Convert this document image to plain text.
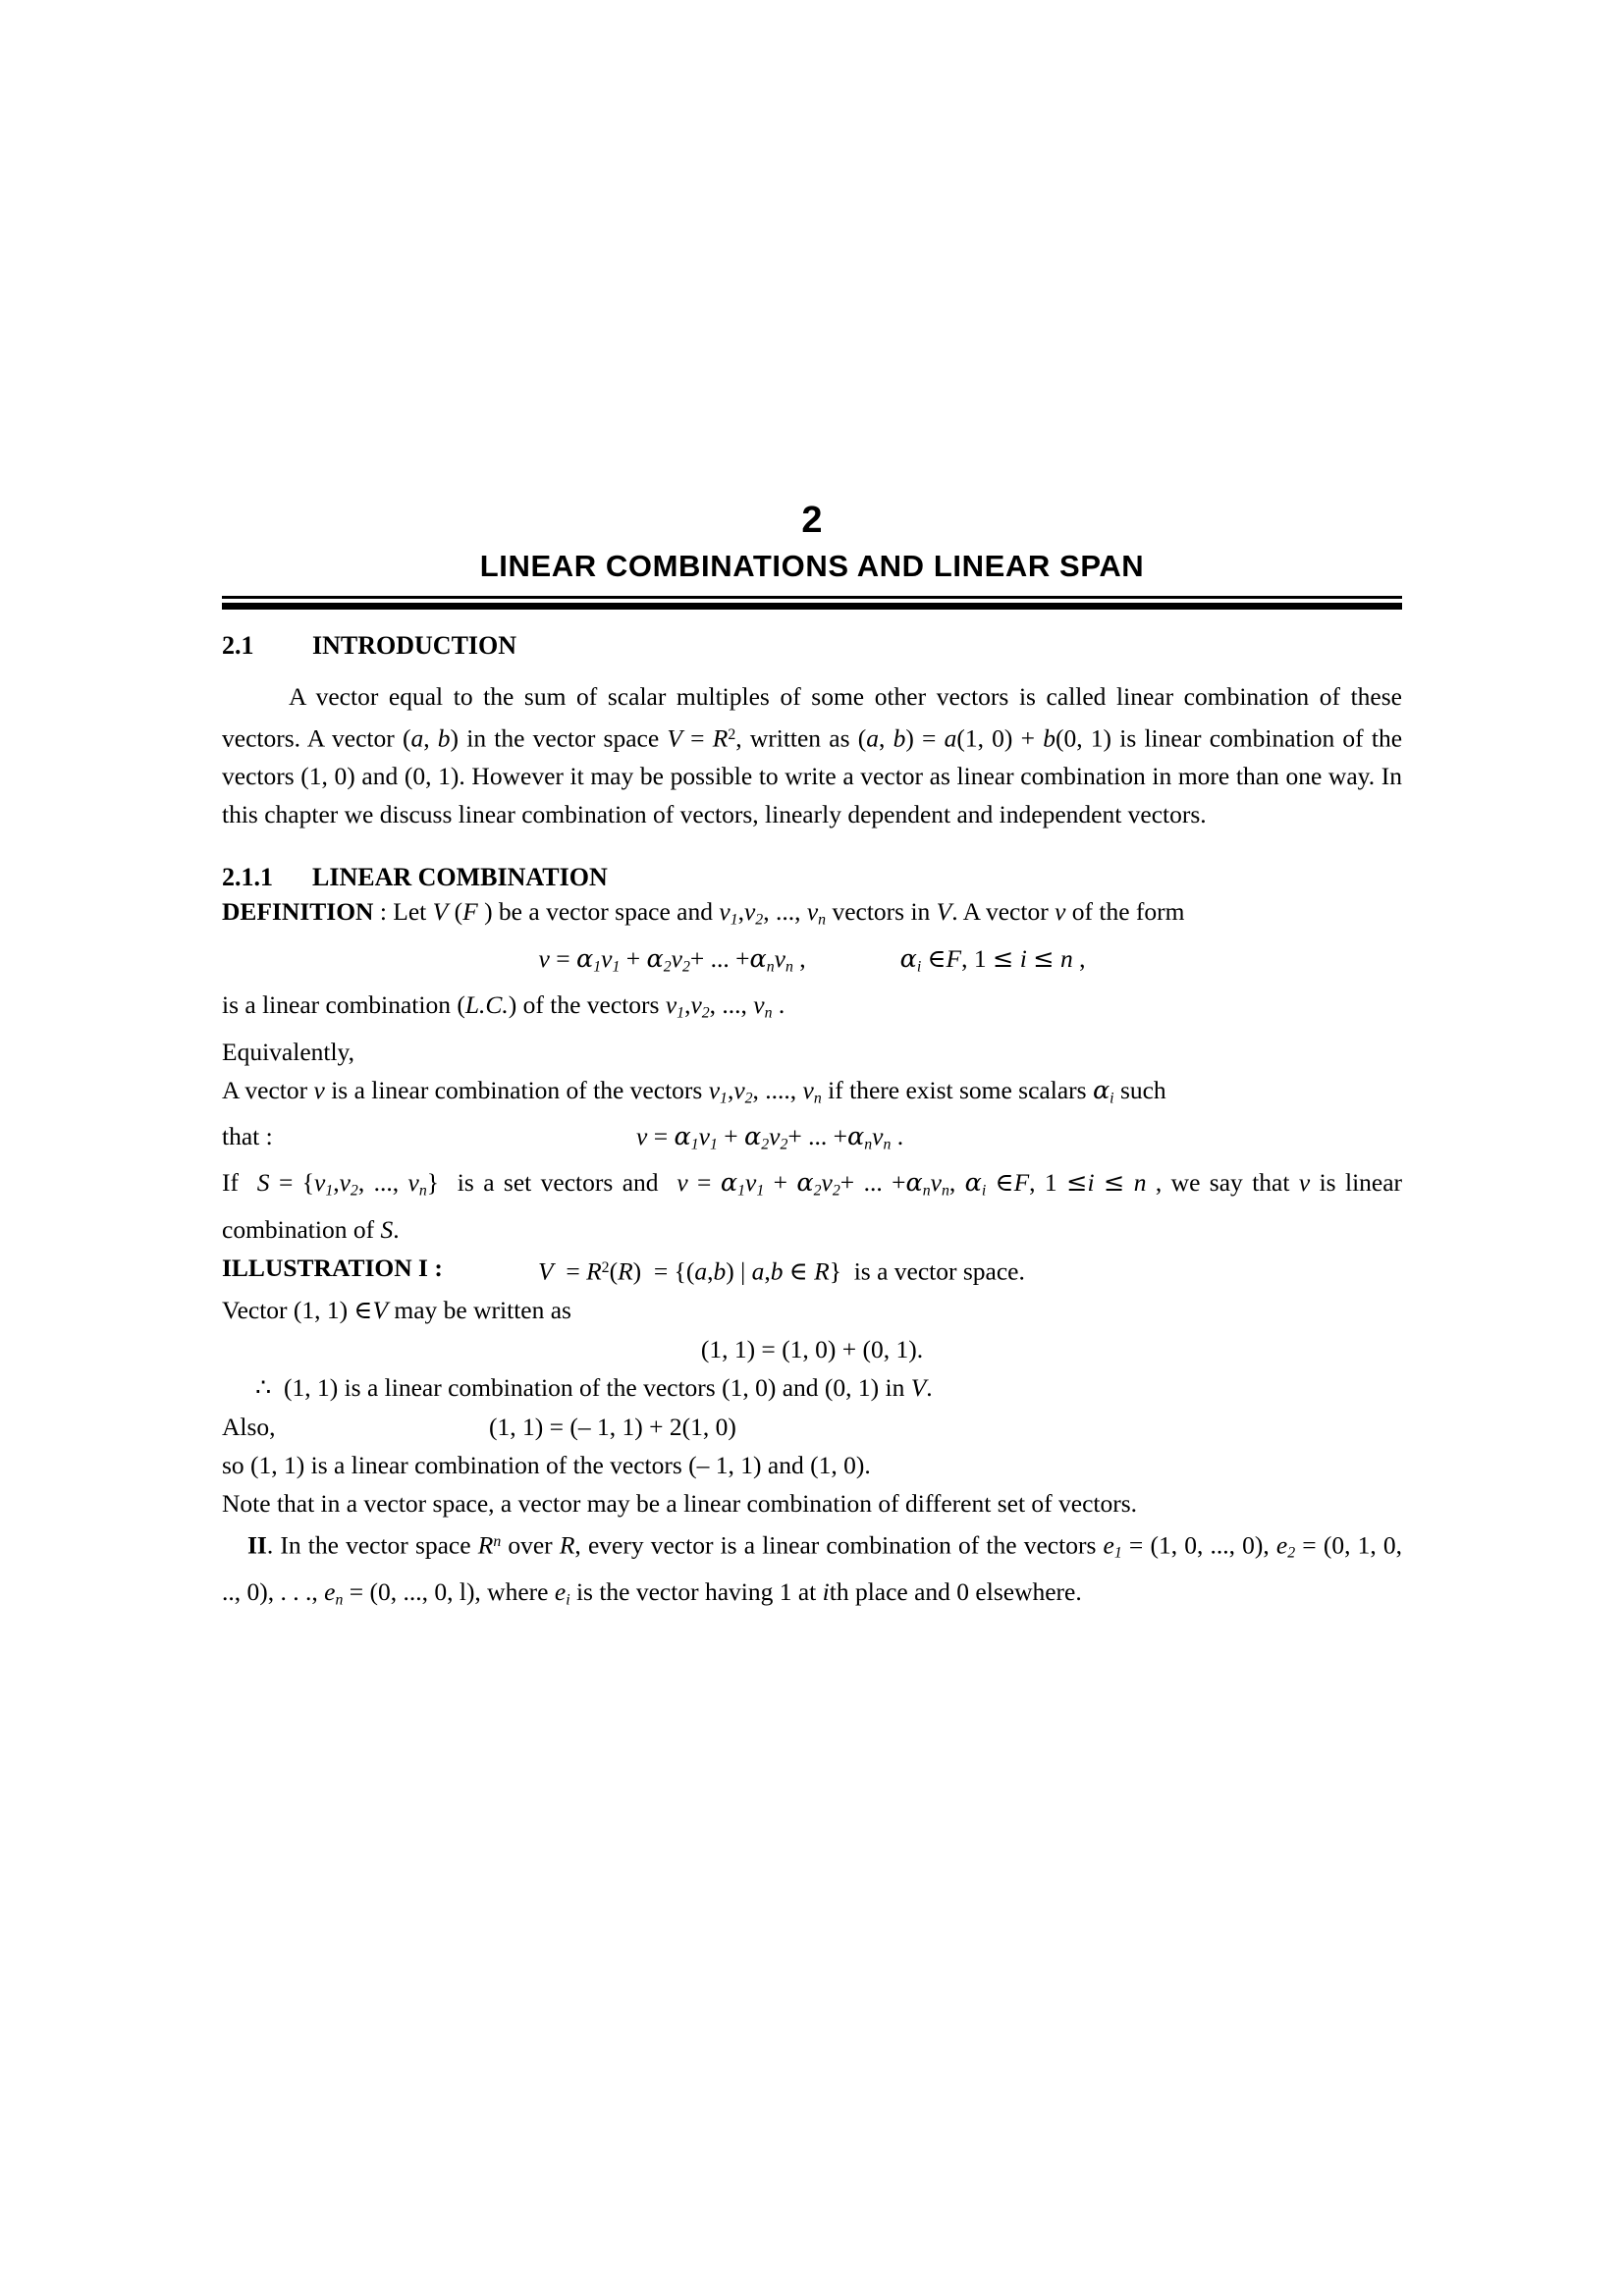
2
LINEAR COMBINATIONS AND LINEAR SPAN
2.1	INTRODUCTION

A vector equal to the sum of scalar multiples of some other vectors is called linear combination of these vectors. A vector (a, b) in the vector space $V = R^2$, written as (a, b) = a(1, 0) + b(0, 1) is linear combination of the vectors (1, 0) and (0, 1). However it may be possible to write a vector as linear combination in more than one way. In this chapter we discuss linear combination of vectors, linearly dependent and independent vectors.

2.1.1	LINEAR COMBINATION

DEFINITION : Let V (F ) be a vector space and $v_1,v_2$, ..., $v_n$ vectors in V. A vector v of the form

$v = \alpha_1v_1 + \alpha_2v_2+$ ... $+\alpha_nv_n$ ,	$\alpha_i$ ∈F, 1 ≤ i ≤ n ,

is a linear combination (L.C.) of the vectors $v_1,v_2$, ..., $v_n$ .

Equivalently,

A vector v is a linear combination of the vectors $v_1,v_2$, ...., $v_n$ if there exist some scalars $\alpha_i$ such

that :	$v = \alpha_1v_1 + \alpha_2v_2+$ ... $+\alpha_nv_n$ .

If  $S = \{v_1,v_2$, ..., $v_n$}  is a set vectors and  $v = \alpha_1v_1 + \alpha_2v_2+$ ... $+\alpha_nv_n$, $\alpha_i$ ∈F, 1 ≤i ≤ n , we say that v is linear combination of S.

ILLUSTRATION I :	$V = R^2(R) = \{(a,b)$ | a,b ∈ R}  is a vector space.

Vector (1, 1) ∈V may be written as

(1, 1) = (1, 0) + (0, 1).

∴  (1, 1) is a linear combination of the vectors (1, 0) and (0, 1) in V.

Also,	(1, 1) = (– 1, 1) + 2(1, 0)

so (1, 1) is a linear combination of the vectors (– 1, 1) and (1, 0).

Note that in a vector space, a vector may be a linear combination of different set of vectors.

II. In the vector space $R^n$ over R, every vector is a linear combination of the vectors $e_1 = (1$, 0, ..., 0), $e_2 = (0$, 1, 0, .., 0), . . ., $e_n = (0$, ..., 0, l), where $e_i$ is the vector having 1 at ith place and 0 elsewhere.
